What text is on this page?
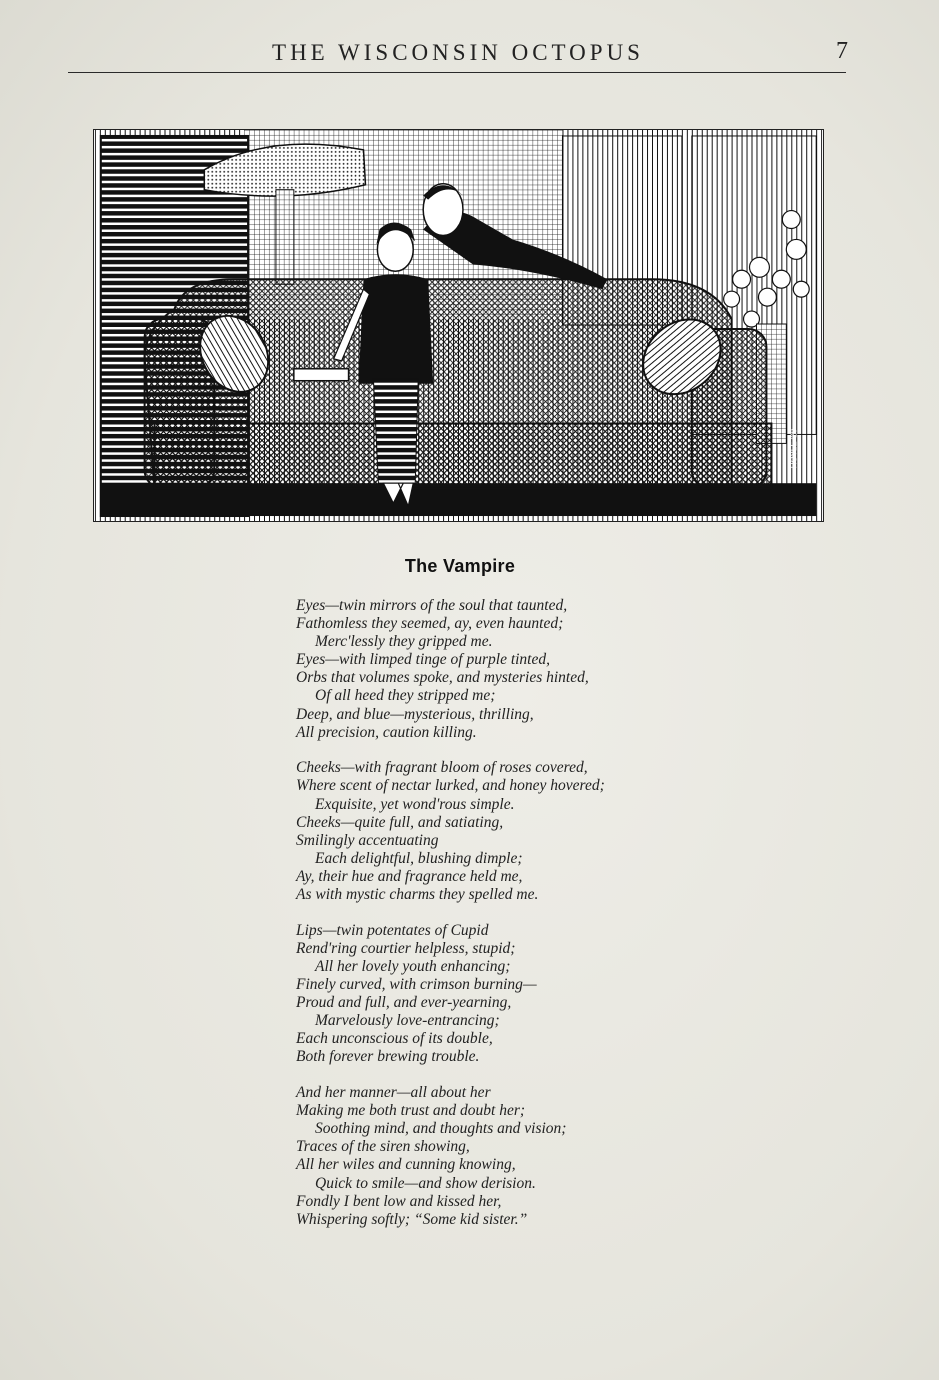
THE WISCONSIN OCTOPUS	7
HOYLE '20
The Vampire
Eyes—twin mirrors of the soul that taunted,
Fathomless they seemed, ay, even haunted;
Merc'lessly they gripped me.
Eyes—with limped tinge of purple tinted,
Orbs that volumes spoke, and mysteries hinted,
Of all heed they stripped me;
Deep, and blue—mysterious, thrilling,
All precision, caution killing.
Cheeks—with fragrant bloom of roses covered,
Where scent of nectar lurked, and honey hovered;
Exquisite, yet wond'rous simple.
Cheeks—quite full, and satiating,
Smilingly accentuating
Each delightful, blushing dimple;
Ay, their hue and fragrance held me,
As with mystic charms they spelled me.
Lips—twin potentates of Cupid
Rend'ring courtier helpless, stupid;
All her lovely youth enhancing;
Finely curved, with crimson burning—
Proud and full, and ever-yearning,
Marvelously love-entrancing;
Each unconscious of its double,
Both forever brewing trouble.
And her manner—all about her
Making me both trust and doubt her;
Soothing mind, and thoughts and vision;
Traces of the siren showing,
All her wiles and cunning knowing,
Quick to smile—and show derision.
Fondly I bent low and kissed her,
Whispering softly; “Some kid sister.”
